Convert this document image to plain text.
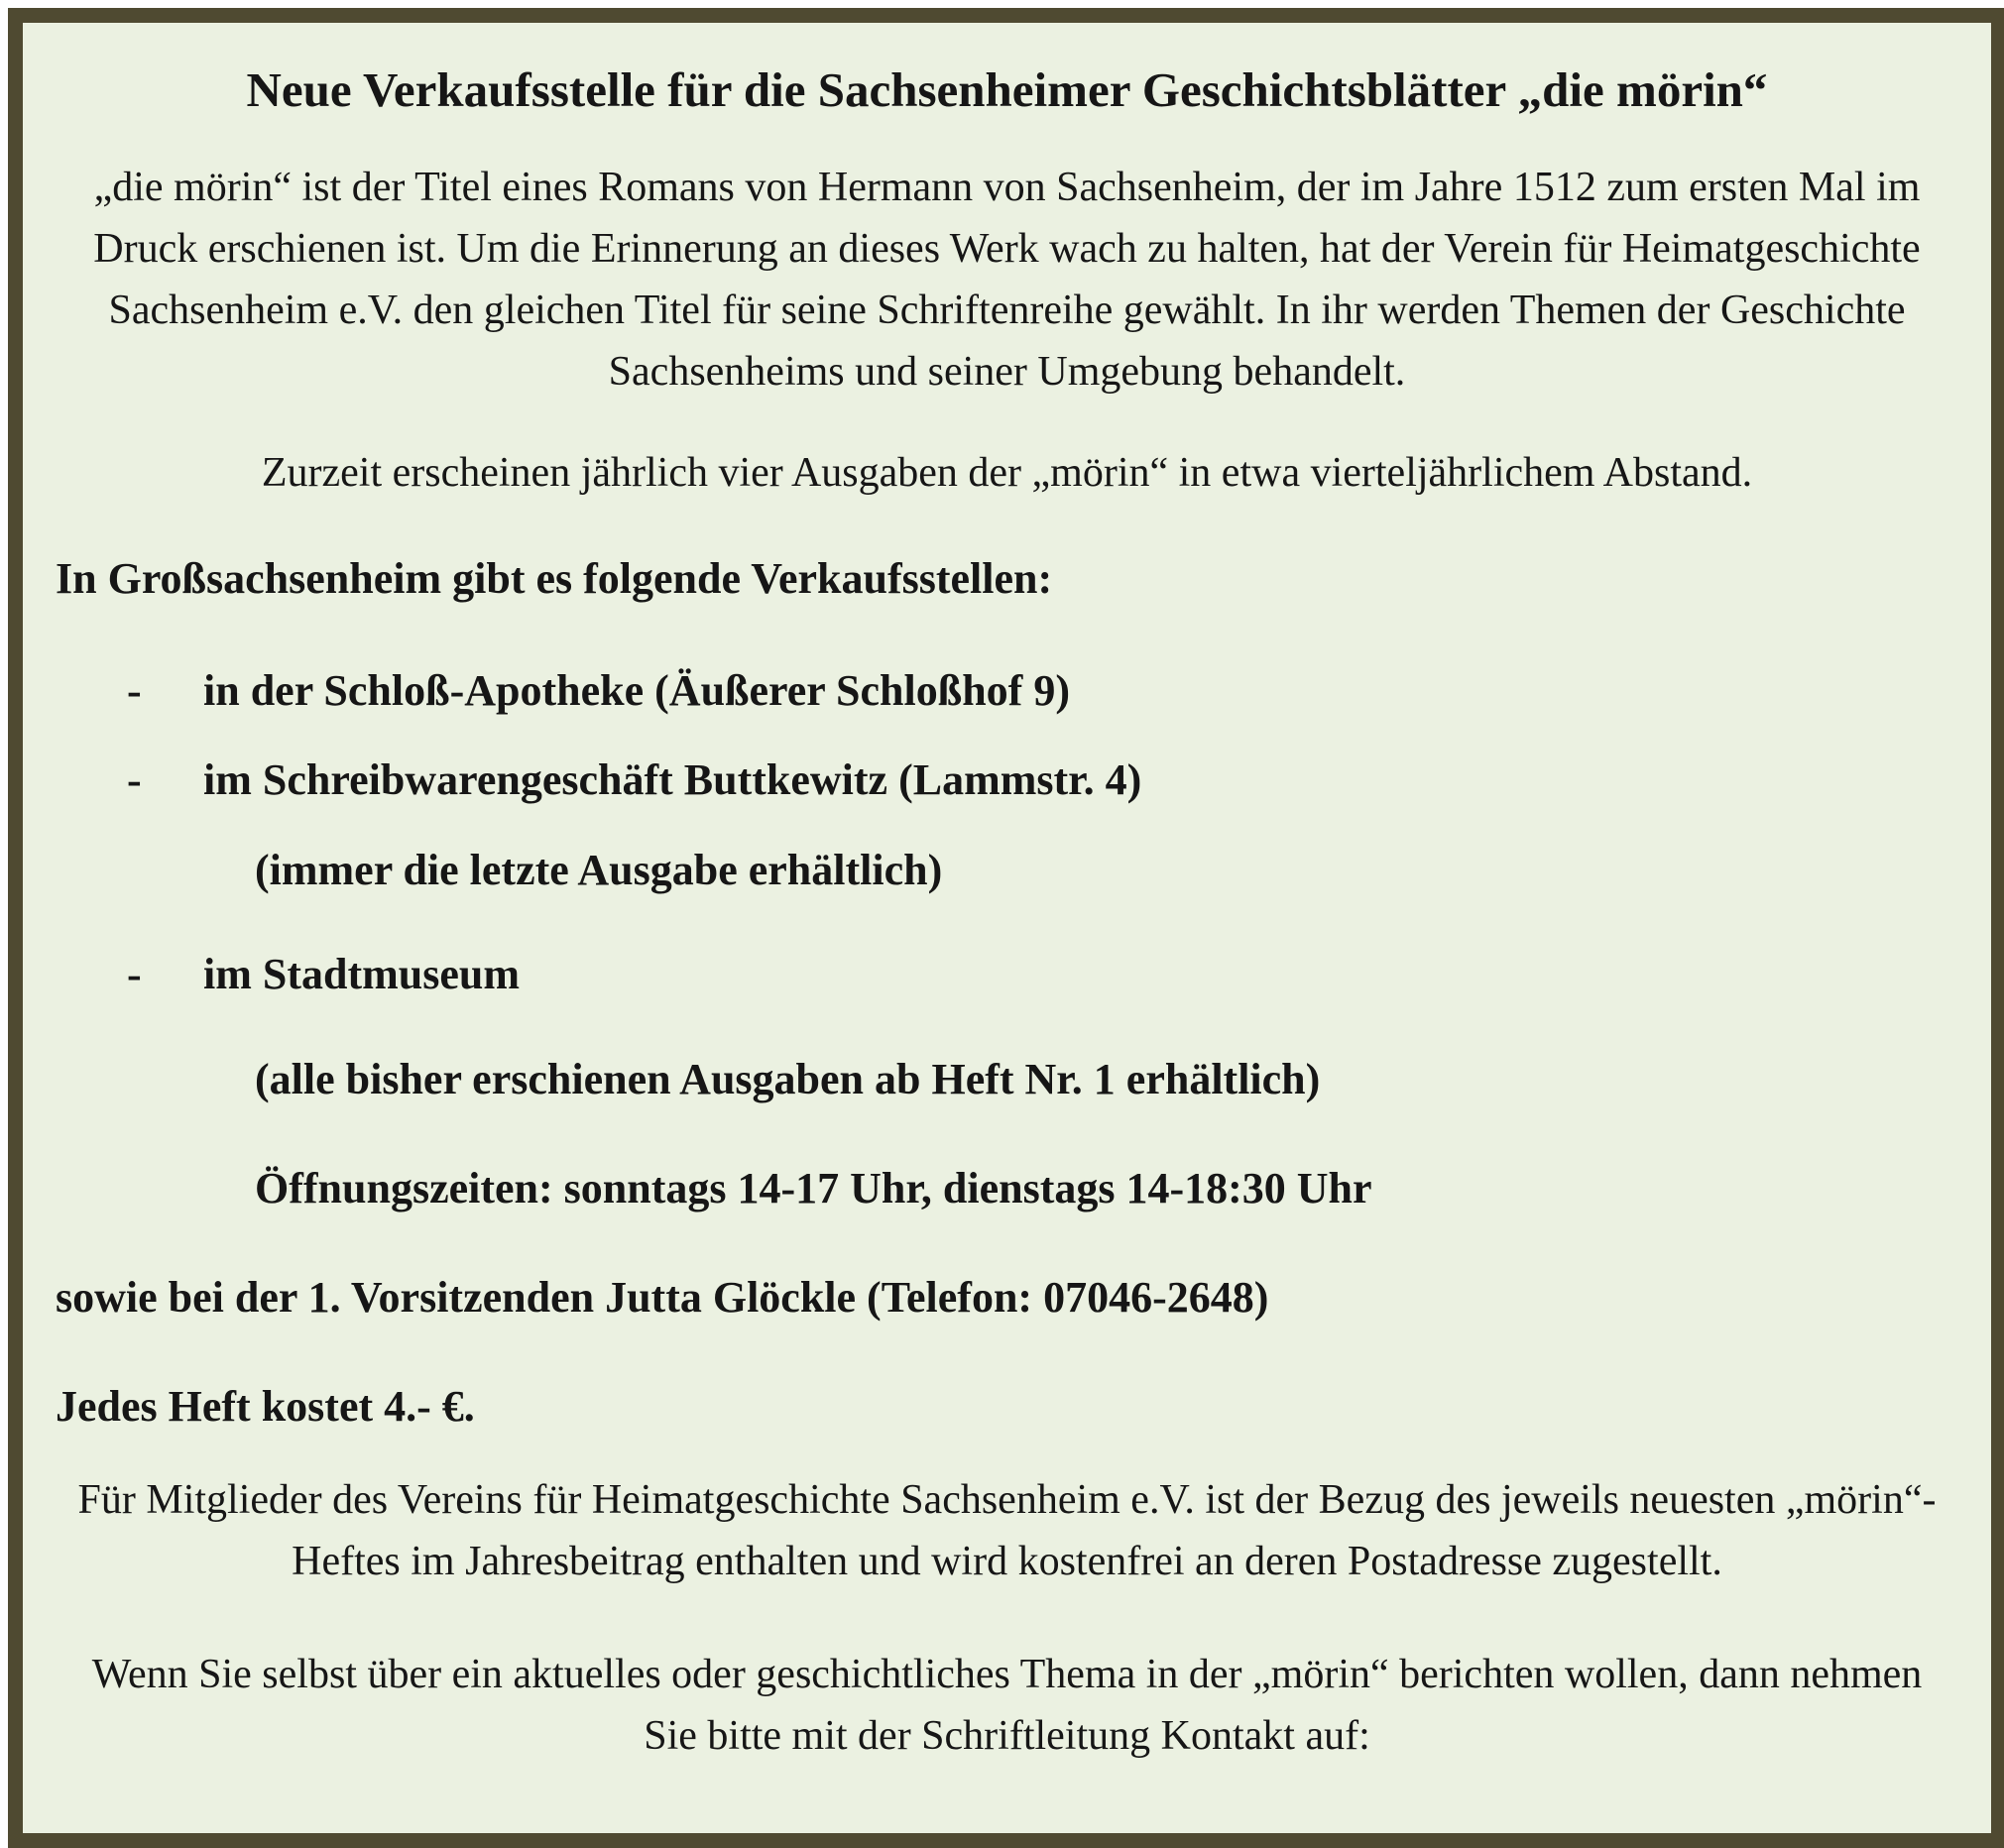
Neue Verkaufsstelle für die Sachsenheimer Geschichtsblätter „die mörin“
„die mörin“ ist der Titel eines Romans von Hermann von Sachsenheim, der im Jahre 1512 zum ersten Mal im Druck erschienen ist. Um die Erinnerung an dieses Werk wach zu halten, hat der Verein für Heimatgeschichte Sachsenheim e.V. den gleichen Titel für seine Schriftenreihe gewählt. In ihr werden Themen der Geschichte Sachsenheims und seiner Umgebung behandelt.
Zurzeit erscheinen jährlich vier Ausgaben der „mörin“ in etwa vierteljährlichem Abstand.
In Großsachsenheim gibt es folgende Verkaufsstellen:
- in der Schloß-Apotheke (Äußerer Schloßhof 9)
- im Schreibwarengeschäft Buttkewitz (Lammstr. 4)
(immer die letzte Ausgabe erhältlich)
- im Stadtmuseum
(alle bisher erschienen Ausgaben ab Heft Nr. 1 erhältlich)
Öffnungszeiten: sonntags 14-17 Uhr, dienstags 14-18:30 Uhr
sowie bei der 1. Vorsitzenden Jutta Glöckle (Telefon: 07046-2648)
Jedes Heft kostet 4.- €.
Für Mitglieder des Vereins für Heimatgeschichte Sachsenheim e.V. ist der Bezug des jeweils neuesten „mörin“-Heftes im Jahresbeitrag enthalten und wird kostenfrei an deren Postadresse zugestellt.
Wenn Sie selbst über ein aktuelles oder geschichtliches Thema in der „mörin“ berichten wollen, dann nehmen Sie bitte mit der Schriftleitung Kontakt auf:
